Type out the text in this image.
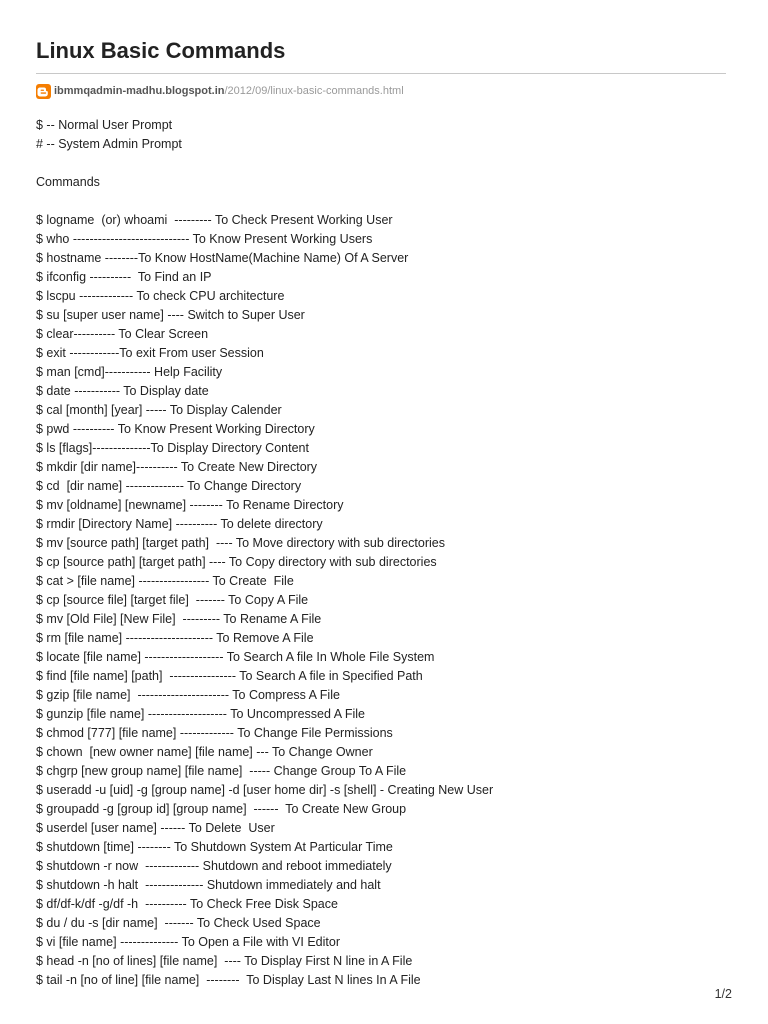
Linux Basic Commands
ibmmqadmin-madhu.blogspot.in /2012/09/linux-basic-commands.html
$ -- Normal User Prompt
# -- System Admin Prompt
Commands
$ logname  (or) whoami  --------- To Check Present Working User
$ who ---------------------------- To Know Present Working Users
$ hostname --------To Know HostName(Machine Name) Of A Server
$ ifconfig ----------  To Find an IP
$ lscpu ------------- To check CPU architecture
$ su [super user name] ---- Switch to Super User
$ clear---------- To Clear Screen
$ exit ------------To exit From user Session
$ man [cmd]----------- Help Facility
$ date ----------- To Display date
$ cal [month] [year] ----- To Display Calender
$ pwd ---------- To Know Present Working Directory
$ ls [flags]--------------To Display Directory Content
$ mkdir [dir name]---------- To Create New Directory
$ cd  [dir name] -------------- To Change Directory
$ mv [oldname] [newname] -------- To Rename Directory
$ rmdir [Directory Name] ---------- To delete directory
$ mv [source path] [target path]  ---- To Move directory with sub directories
$ cp [source path] [target path] ---- To Copy directory with sub directories
$ cat > [file name] ----------------- To Create  File
$ cp [source file] [target file]  ------- To Copy A File
$ mv [Old File] [New File]  --------- To Rename A File
$ rm [file name] --------------------- To Remove A File
$ locate [file name] ------------------- To Search A file In Whole File System
$ find [file name] [path]  ---------------- To Search A file in Specified Path
$ gzip [file name]  ---------------------- To Compress A File
$ gunzip [file name] ------------------- To Uncompressed A File
$ chmod [777] [file name] ------------- To Change File Permissions
$ chown  [new owner name] [file name] --- To Change Owner
$ chgrp [new group name] [file name]  ----- Change Group To A File
$ useradd -u [uid] -g [group name] -d [user home dir] -s [shell] - Creating New User
$ groupadd -g [group id] [group name]  ------  To Create New Group
$ userdel [user name] ------ To Delete  User
$ shutdown [time] -------- To Shutdown System At Particular Time
$ shutdown -r now  ------------- Shutdown and reboot immediately
$ shutdown -h halt  -------------- Shutdown immediately and halt
$ df/df-k/df -g/df -h  ---------- To Check Free Disk Space
$ du / du -s [dir name]  ------- To Check Used Space
$ vi [file name] -------------- To Open a File with VI Editor
$ head -n [no of lines] [file name]  ---- To Display First N line in A File
$ tail -n [no of line] [file name]  --------  To Display Last N lines In A File
1/2
